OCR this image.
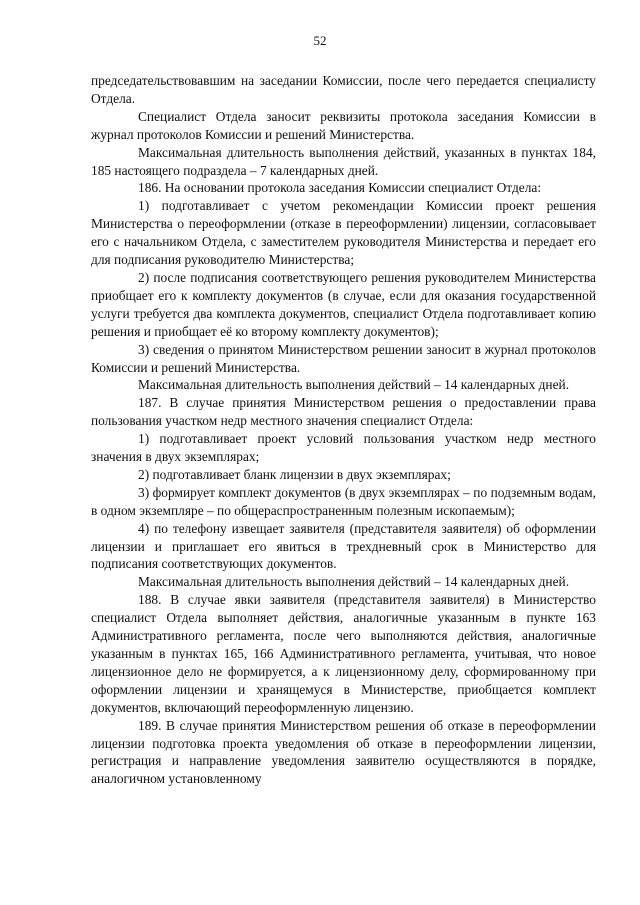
52

председательствовавшим на заседании Комиссии, после чего передается специалисту Отдела.

Специалист Отдела заносит реквизиты протокола заседания Комиссии в журнал протоколов Комиссии и решений Министерства.

Максимальная длительность выполнения действий, указанных в пунктах 184, 185 настоящего подраздела – 7 календарных дней.

186. На основании протокола заседания Комиссии специалист Отдела:

1) подготавливает с учетом рекомендации Комиссии проект решения Министерства о переоформлении (отказе в переоформлении) лицензии, согласовывает его с начальником Отдела, с заместителем руководителя Министерства и передает его для подписания руководителю Министерства;

2) после подписания соответствующего решения руководителем Министерства приобщает его к комплекту документов (в случае, если для оказания государственной услуги требуется два комплекта документов, специалист Отдела подготавливает копию решения и приобщает её ко второму комплекту документов);

3) сведения о принятом Министерством решении заносит в журнал протоколов Комиссии и решений Министерства.

Максимальная длительность выполнения действий – 14 календарных дней.

187. В случае принятия Министерством решения о предоставлении права пользования участком недр местного значения специалист Отдела:

1) подготавливает проект условий пользования участком недр местного значения в двух экземплярах;

2) подготавливает бланк лицензии в двух экземплярах;

3) формирует комплект документов (в двух экземплярах – по подземным водам, в одном экземпляре – по общераспространенным полезным ископаемым);

4) по телефону извещает заявителя (представителя заявителя) об оформлении лицензии и приглашает его явиться в трехдневный срок в Министерство для подписания соответствующих документов.

Максимальная длительность выполнения действий – 14 календарных дней.

188. В случае явки заявителя (представителя заявителя) в Министерство специалист Отдела выполняет действия, аналогичные указанным в пункте 163 Административного регламента, после чего выполняются действия, аналогичные указанным в пунктах 165, 166 Административного регламента, учитывая, что новое лицензионное дело не формируется, а к лицензионному делу, сформированному при оформлении лицензии и хранящемуся в Министерстве, приобщается комплект документов, включающий переоформленную лицензию.

189. В случае принятия Министерством решения об отказе в переоформлении лицензии подготовка проекта уведомления об отказе в переоформлении лицензии, регистрация и направление уведомления заявителю осуществляются в порядке, аналогичном установленному
